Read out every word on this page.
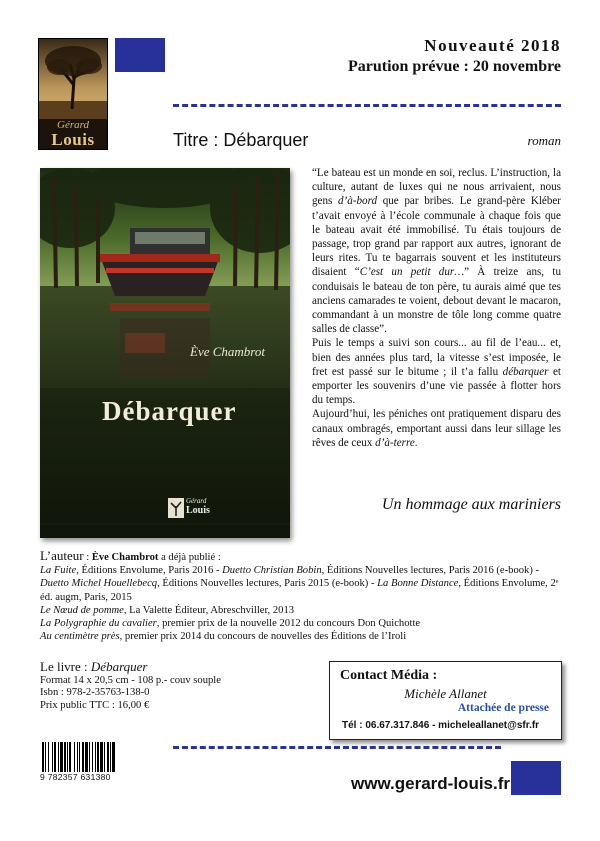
Gérard
Louis
Nouveauté 2018
Parution prévue : 20 novembre
Titre : Débarquer	roman
Ève Chambrot
Débarquer
Gérard
Louis

“Le bateau est un monde en soi, reclus. L’instruction, la culture, autant de luxes qui ne nous arrivaient, nous gens d’à-bord que par bribes. Le grand-père Kléber t’avait envoyé à l’école communale à chaque fois que le bateau avait été immobilisé. Tu étais toujours de passage, trop grand par rapport aux autres, ignorant de leurs rites. Tu te bagarrais souvent et les instituteurs disaient “C’est un petit dur…” À treize ans, tu conduisais le bateau de ton père, tu aurais aimé que tes anciens camarades te voient, debout devant le macaron, commandant à un monstre de tôle long comme quatre salles de classe”.

Puis le temps a suivi son cours... au fil de l’eau... et, bien des années plus tard, la vitesse s’est imposée, le fret est passé sur le bitume ; il t’a fallu débarquer et emporter les souvenirs d’une vie passée à flotter hors du temps.

Aujourd’hui, les péniches ont pratiquement disparu des canaux ombragés, emportant aussi dans leur sillage les rêves de ceux d’à-terre.

Un hommage aux mariniers
L’auteur : Ève Chambrot a déjà publié :
La Fuite, Éditions Envolume, Paris 2016 - Duetto Christian Bobin, Éditions Nouvelles lectures, Paris 2016 (e-book) - Duetto Michel Houellebecq, Éditions Nouvelles lectures, Paris 2015 (e-book) - La Bonne Distance, Éditions Envolume, 2ᵉ éd. augm, Paris, 2015
Le Nœud de pomme, La Valette Éditeur, Abreschviller, 2013
La Polygraphie du cavalier, premier prix de la nouvelle 2012 du concours Don Quichotte
Au centimètre près, premier prix 2014 du concours de nouvelles des Éditions de l’Iroli
Le livre : Débarquer
Format 14 x 20,5 cm - 108 p.- couv souple
Isbn : 978-2-35763-138-0
Prix public TTC : 16,00 €
Contact Média :
Michèle Allanet
Attachée de presse
Tél : 06.67.317.846 - micheleallanet@sfr.fr
9 782357 631380	www.gerard-louis.fr
